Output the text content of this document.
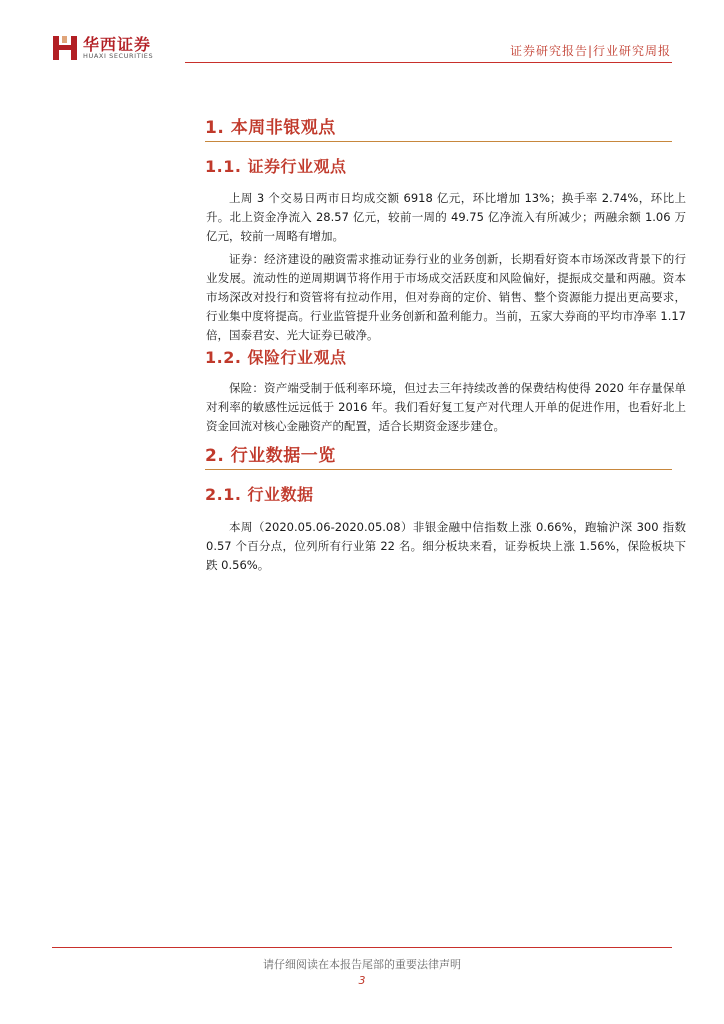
华西证券
HUAXI SECURITIES	证券研究报告|行业研究周报
1. 本周非银观点
1.1. 证券行业观点

上周 3 个交易日两市日均成交额 6918 亿元，环比增加 13%；换手率 2.74%，环比上升。北上资金净流入 28.57 亿元，较前一周的 49.75 亿净流入有所减少；两融余额 1.06 万亿元，较前一周略有增加。

证券：经济建设的融资需求推动证券行业的业务创新，长期看好资本市场深改背景下的行业发展。流动性的逆周期调节将作用于市场成交活跃度和风险偏好，提振成交量和两融。资本市场深改对投行和资管将有拉动作用，但对券商的定价、销售、整个资源能力提出更高要求，行业集中度将提高。行业监管提升业务创新和盈利能力。当前，五家大券商的平均市净率 1.17 倍，国泰君安、光大证券已破净。

1.2. 保险行业观点

保险：资产端受制于低利率环境，但过去三年持续改善的保费结构使得 2020 年存量保单对利率的敏感性远远低于 2016 年。我们看好复工复产对代理人开单的促进作用，也看好北上资金回流对核心金融资产的配置，适合长期资金逐步建仓。

2. 行业数据一览
2.1. 行业数据

本周（2020.05.06-2020.05.08）非银金融中信指数上涨 0.66%，跑输沪深 300 指数 0.57 个百分点，位列所有行业第 22 名。细分板块来看，证券板块上涨 1.56%，保险板块下跌 0.56%。

请仔细阅读在本报告尾部的重要法律声明
3
